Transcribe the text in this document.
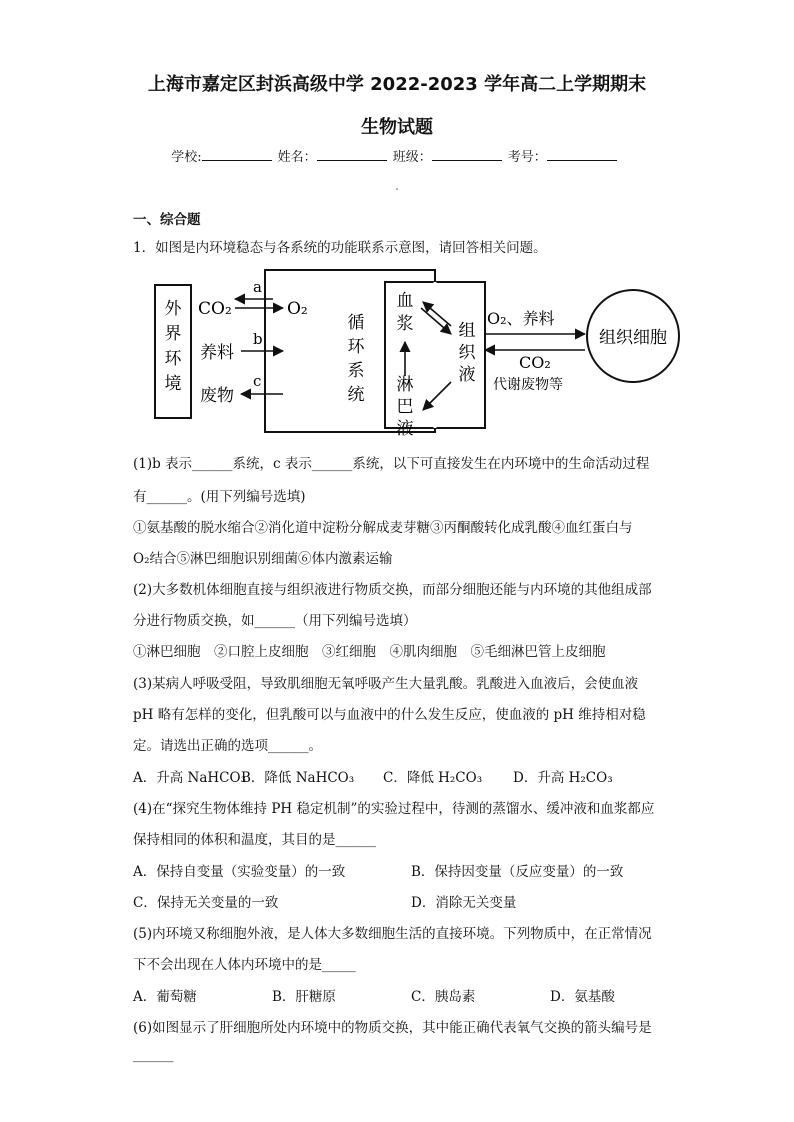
上海市嘉定区封浜高级中学 2022-2023 学年高二上学期期末
生物试题
学校:	姓名：	班级：	考号：
一、综合题
1．如图是内环境稳态与各系统的功能联系示意图，请回答相关问题。
外
界
环
境
循
环
系
统
血
浆
淋
巴
液
组
织
液
CO₂
a
O₂
养料
b
废物
c
O₂、养料
CO₂
代谢废物等
组织细胞
(1)b 表示______系统，c 表示______系统，以下可直接发生在内环境中的生命活动过程
有______。(用下列编号选填)
①氨基酸的脱水缩合②消化道中淀粉分解成麦芽糖③丙酮酸转化成乳酸④血红蛋白与
O₂结合⑤淋巴细胞识别细菌⑥体内激素运输
(2)大多数机体细胞直接与组织液进行物质交换，而部分细胞还能与内环境的其他组成部
分进行物质交换，如______（用下列编号选填）
①淋巴细胞　②口腔上皮细胞　③红细胞　④肌肉细胞　⑤毛细淋巴管上皮细胞
(3)某病人呼吸受阻，导致肌细胞无氧呼吸产生大量乳酸。乳酸进入血液后，会使血液
pH 略有怎样的变化，但乳酸可以与血液中的什么发生反应，使血液的 pH 维持相对稳
定。请选出正确的选项______。
A．升高 NaHCO₃
B．降低 NaHCO₃ C．降低 H₂CO₃ D．升高 H₂CO₃
(4)在“探究生物体维持 PH 稳定机制”的实验过程中，待测的蒸馏水、缓冲液和血浆都应
保持相同的体积和温度，其目的是______
A．保持自变量（实验变量）的一致	B．保持因变量（反应变量）的一致
C．保持无关变量的一致	D．消除无关变量
(5)内环境又称细胞外液，是人体大多数细胞生活的直接环境。下列物质中，在正常情况
下不会出现在人体内环境中的是_____
A．葡萄糖	B．肝糖原	C．胰岛素	D．氨基酸
(6)如图显示了肝细胞所处内环境中的物质交换，其中能正确代表氧气交换的箭头编号是
______
